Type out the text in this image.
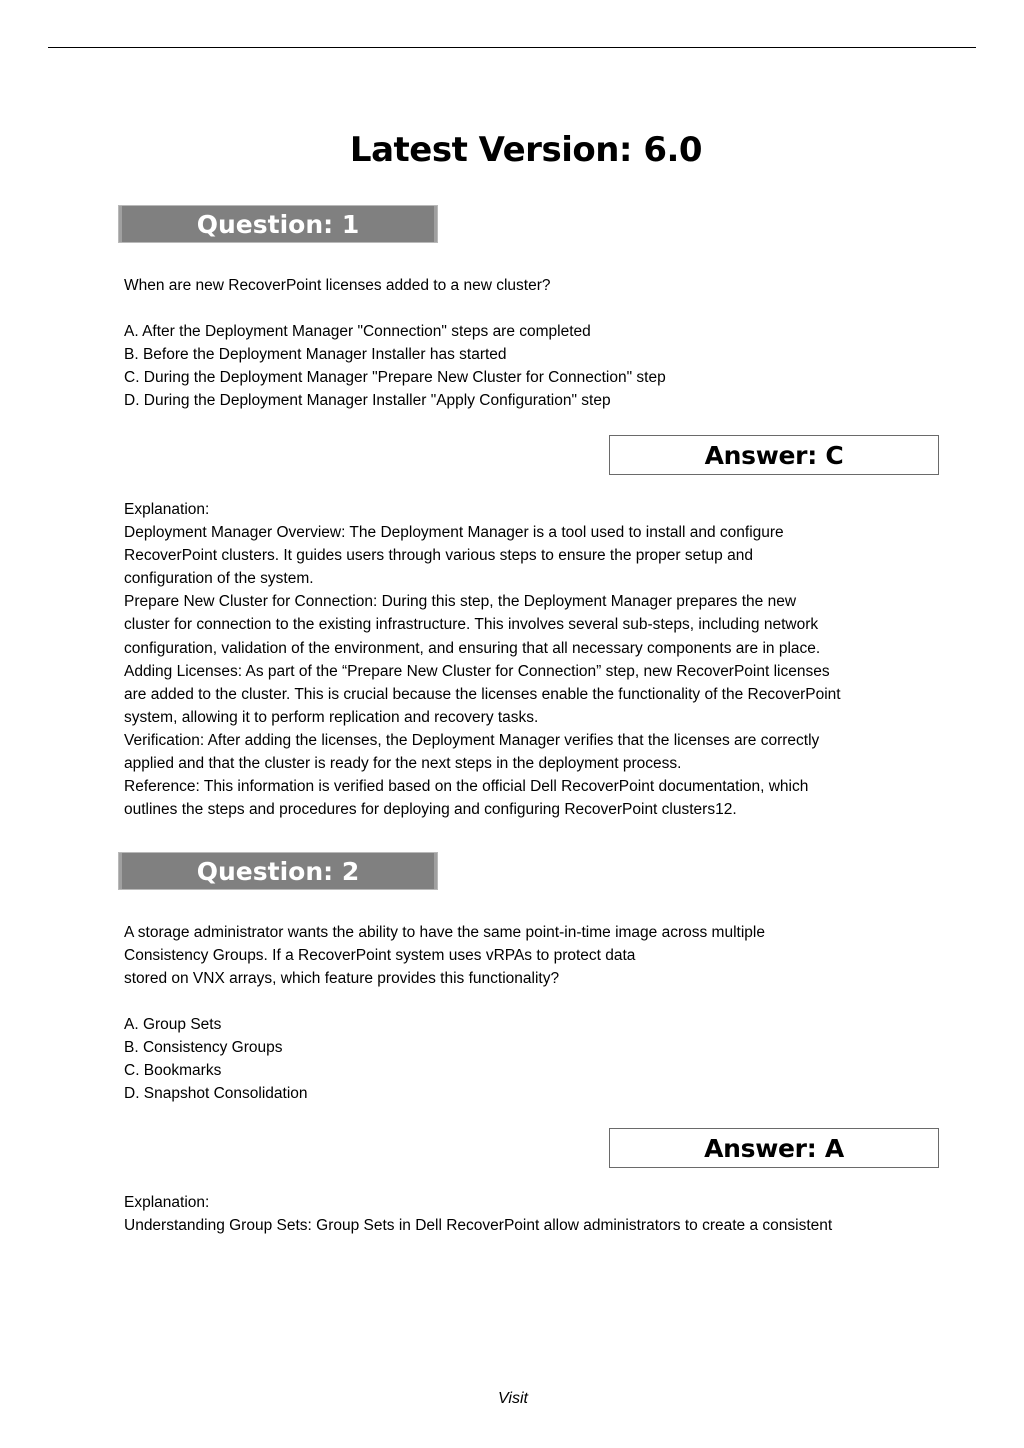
Latest Version: 6.0
Question: 1
When are new RecoverPoint licenses added to a new cluster?
A. After the Deployment Manager "Connection" steps are completed
B. Before the Deployment Manager Installer has started
C. During the Deployment Manager "Prepare New Cluster for Connection" step
D. During the Deployment Manager Installer "Apply Configuration" step
Answer: C
Explanation:
Deployment Manager Overview: The Deployment Manager is a tool used to install and configure
RecoverPoint clusters. It guides users through various steps to ensure the proper setup and
configuration of the system.
Prepare New Cluster for Connection: During this step, the Deployment Manager prepares the new
cluster for connection to the existing infrastructure. This involves several sub-steps, including network
configuration, validation of the environment, and ensuring that all necessary components are in place.
Adding Licenses: As part of the “Prepare New Cluster for Connection” step, new RecoverPoint licenses
are added to the cluster. This is crucial because the licenses enable the functionality of the RecoverPoint
system, allowing it to perform replication and recovery tasks.
Verification: After adding the licenses, the Deployment Manager verifies that the licenses are correctly
applied and that the cluster is ready for the next steps in the deployment process.
Reference: This information is verified based on the official Dell RecoverPoint documentation, which
outlines the steps and procedures for deploying and configuring RecoverPoint clusters12.
Question: 2
A storage administrator wants the ability to have the same point-in-time image across multiple
Consistency Groups. If a RecoverPoint system uses vRPAs to protect data
stored on VNX arrays, which feature provides this functionality?
A. Group Sets
B. Consistency Groups
C. Bookmarks
D. Snapshot Consolidation
Answer: A
Explanation:
Understanding Group Sets: Group Sets in Dell RecoverPoint allow administrators to create a consistent
Visit
